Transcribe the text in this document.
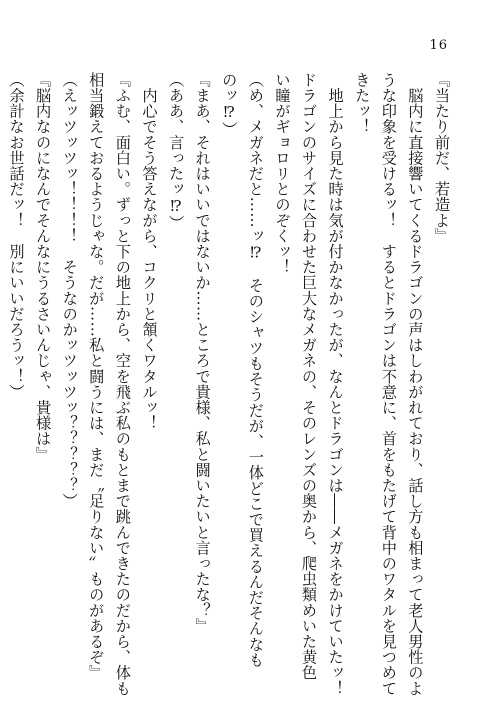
16
『当たり前だ、若造よ』
　脳内に直接響いてくるドラゴンの声はしわがれており、話し方も相まって老人男性のよ
うな印象を受けるッ！　するとドラゴンは不意に、首をもたげて背中のワタルを見つめて
きたッ！
　地上から見た時は気が付かなかったが、なんとドラゴンは――メガネをかけていたッ！
ドラゴンのサイズに合わせた巨大なメガネの、そのレンズの奥から、爬虫類めいた黄色
い瞳がギョロリとのぞくッ！
（め、メガネだと……ッ⁉　そのシャツもそうだが、一体どこで買えるんだそんなも
のッ⁉）
『まあ、それはいいではないか……ところで貴様、私と闘いたいと言ったな？』
（ああ、言ったッ⁉）
　内心でそう答えながら、コクリと頷くワタルッ！
『ふむ、面白い。ずっと下の地上から、空を飛ぶ私のもとまで跳んできたのだから、体も
相当鍛えておるようじゃな。だが……私と闘うには、まだ〝足りない〟ものがあるぞ』
（えッツッツッ！！！！　そうなのかッツッツッ？？？？？）
『脳内なのになんでそんなにうるさいんじゃ、貴様は』
（余計なお世話だッ！　別にいいだろうッ！）
